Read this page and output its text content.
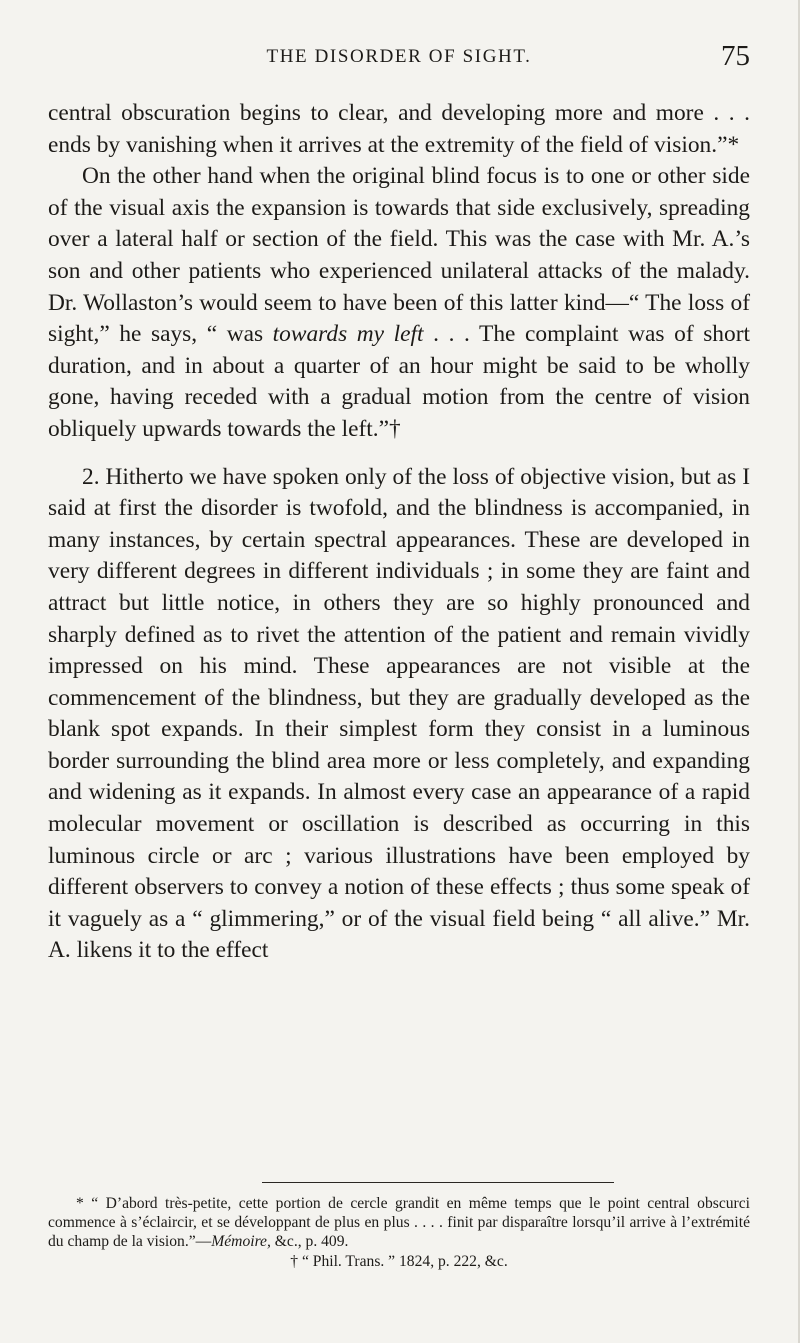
THE DISORDER OF SIGHT.	75

central obscuration begins to clear, and developing more and more . . . ends by vanishing when it arrives at the extremity of the field of vision.”*

On the other hand when the original blind focus is to one or other side of the visual axis the expansion is towards that side exclusively, spreading over a lateral half or section of the field. This was the case with Mr. A.’s son and other patients who experienced unilateral attacks of the malady. Dr. Wollaston’s would seem to have been of this latter kind—“ The loss of sight,” he says, “ was towards my left . . . The complaint was of short duration, and in about a quarter of an hour might be said to be wholly gone, having receded with a gradual motion from the centre of vision obliquely upwards towards the left.”†

2. Hitherto we have spoken only of the loss of objective vision, but as I said at first the disorder is twofold, and the blindness is accompanied, in many instances, by certain spectral appearances. These are developed in very different degrees in different individuals ; in some they are faint and attract but little notice, in others they are so highly pronounced and sharply defined as to rivet the attention of the patient and remain vividly impressed on his mind. These appearances are not visible at the commencement of the blindness, but they are gradually developed as the blank spot expands. In their simplest form they consist in a luminous border surrounding the blind area more or less completely, and expanding and widening as it expands. In almost every case an appearance of a rapid molecular movement or oscillation is described as occurring in this luminous circle or arc ; various illustrations have been employed by different observers to convey a notion of these effects ; thus some speak of it vaguely as a “ glimmering,” or of the visual field being “ all alive.” Mr. A. likens it to the effect

* “ D’abord très-petite, cette portion de cercle grandit en même temps que le point central obscurci commence à s’éclaircir, et se développant de plus en plus . . . . finit par disparaître lorsqu’il arrive à l’extrémité du champ de la vision.”—Mémoire, &c., p. 409.

† “ Phil. Trans. ” 1824, p. 222, &c.
